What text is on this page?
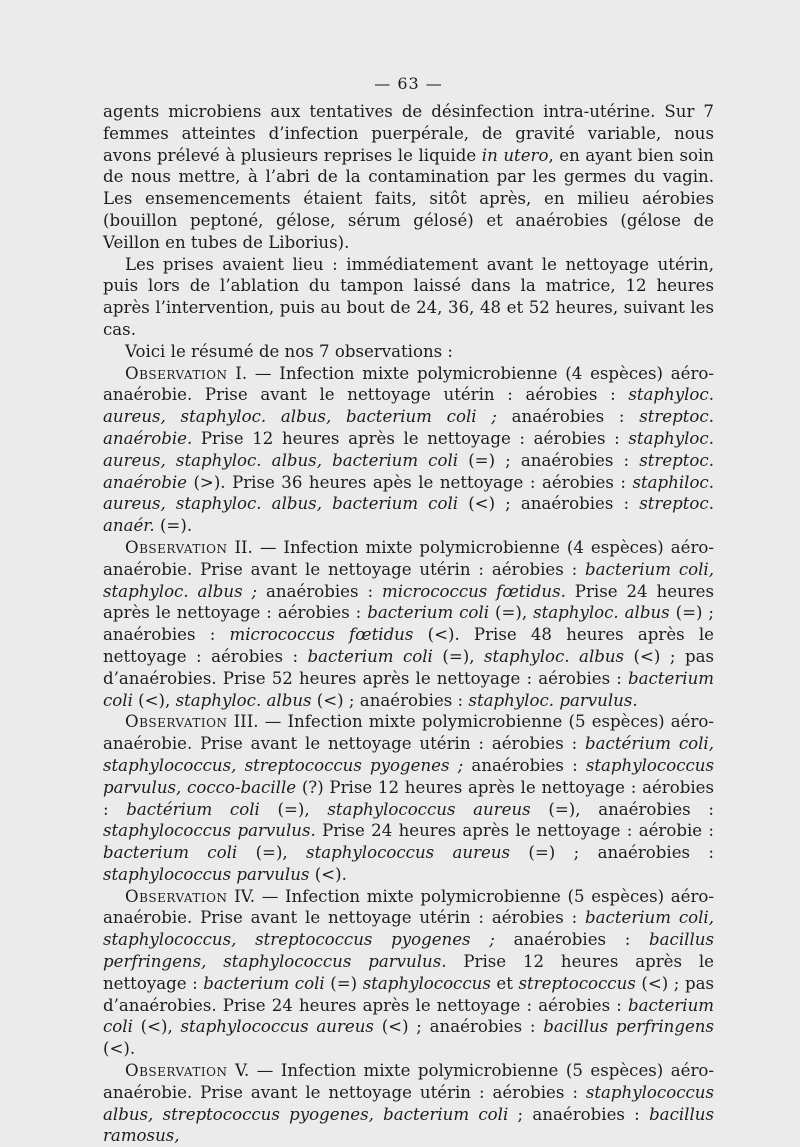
— 63 —

agents microbiens aux tentatives de désinfection intra-utérine. Sur 7 femmes atteintes d’infection puerpérale, de gravité variable, nous avons prélevé à plusieurs reprises le liquide in utero, en ayant bien soin de nous mettre, à l’abri de la contamination par les germes du vagin. Les ensemencements étaient faits, sitôt après, en milieu aérobies (bouillon peptoné, gélose, sérum gélosé) et anaérobies (gélose de Veillon en tubes de Liborius).

Les prises avaient lieu : immédiatement avant le nettoyage utérin, puis lors de l’ablation du tampon laissé dans la matrice, 12 heures après l’intervention, puis au bout de 24, 36, 48 et 52 heures, suivant les cas.

Voici le résumé de nos 7 observations :

Observation I. — Infection mixte polymicrobienne (4 espèces) aéro-anaérobie. Prise avant le nettoyage utérin : aérobies : staphyloc. aureus, staphyloc. albus, bacterium coli ; anaérobies : streptoc. anaérobie. Prise 12 heures après le nettoyage : aérobies : staphyloc. aureus, staphyloc. albus, bacterium coli (=) ; anaérobies : streptoc. anaérobie (>). Prise 36 heures apès le nettoyage : aérobies : staphiloc. aureus, staphyloc. albus, bacterium coli (<) ; anaérobies : streptoc. anaér. (=).

Observation II. — Infection mixte polymicrobienne (4 espèces) aéro-anaérobie. Prise avant le nettoyage utérin : aérobies : bacterium coli, staphyloc. albus ; anaérobies : micrococcus fœtidus. Prise 24 heures après le nettoyage : aérobies : bacterium coli (=), staphyloc. albus (=) ; anaérobies : micrococcus fœtidus (<). Prise 48 heures après le nettoyage : aérobies : bacterium coli (=), staphyloc. albus (<) ; pas d’anaérobies. Prise 52 heures après le nettoyage : aérobies : bacterium coli (<), staphyloc. albus (<) ; anaérobies : staphyloc. parvulus.

Observation III. — Infection mixte polymicrobienne (5 espèces) aéro-anaérobie. Prise avant le nettoyage utérin : aérobies : bactérium coli, staphylococcus, streptococcus pyogenes ; anaérobies : staphylococcus parvulus, cocco-bacille (?) Prise 12 heures après le nettoyage : aérobies : bactérium coli (=), staphylococcus aureus (=), anaérobies : staphylococcus parvulus. Prise 24 heures après le nettoyage : aérobie : bacterium coli (=), staphylococcus aureus (=) ; anaérobies : staphylococcus parvulus (<).

Observation IV. — Infection mixte polymicrobienne (5 espèces) aéro-anaérobie. Prise avant le nettoyage utérin : aérobies : bacterium coli, staphylococcus, streptococcus pyogenes ; anaérobies : bacillus perfringens, staphylococcus parvulus. Prise 12 heures après le nettoyage : bacterium coli (=) staphylococcus et streptococcus (<) ; pas d’anaérobies. Prise 24 heures après le nettoyage : aérobies : bacterium coli (<), staphylococcus aureus (<) ; anaérobies : bacillus perfringens (<).

Observation V. — Infection mixte polymicrobienne (5 espèces) aéro-anaérobie. Prise avant le nettoyage utérin : aérobies : staphylococcus albus, streptococcus pyogenes, bacterium coli ; anaérobies : bacillus ramosus,
